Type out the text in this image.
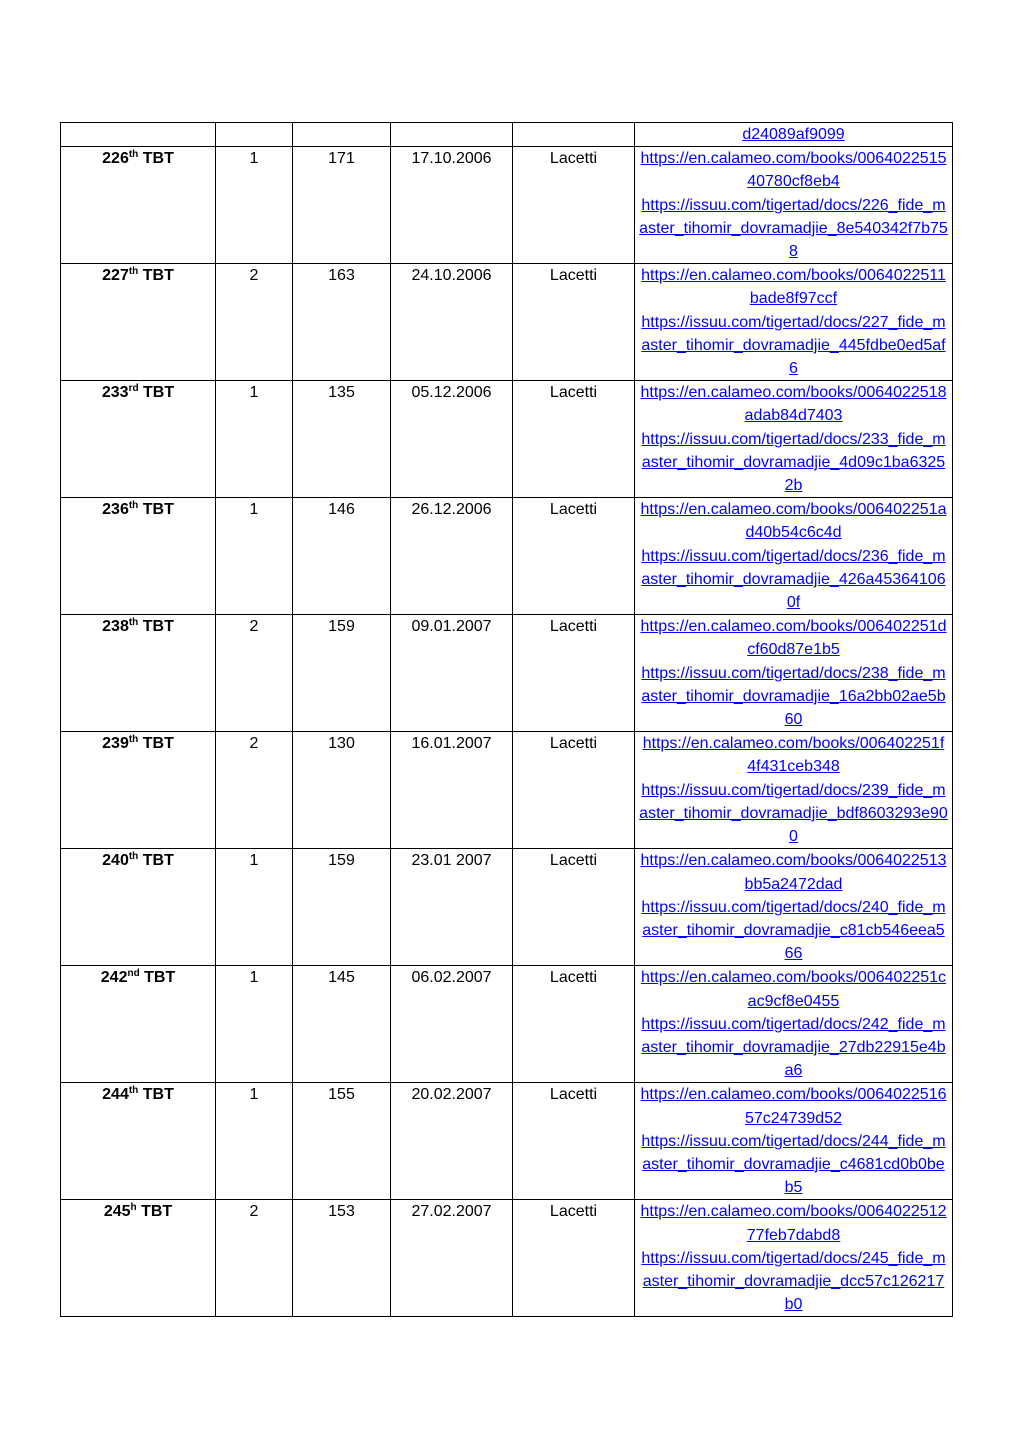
					d24089af9099

226th TBT	1	171	17.10.2006	Lacetti	https://en.calameo.com/books/006402251540780cf8eb4
https://issuu.com/tigertad/docs/226_fide_master_tihomir_dovramadjie_8e540342f7b758

227th TBT	2	163	24.10.2006	Lacetti	https://en.calameo.com/books/0064022511bade8f97ccf
https://issuu.com/tigertad/docs/227_fide_master_tihomir_dovramadjie_445fdbe0ed5af6

233rd TBT	1	135	05.12.2006	Lacetti	https://en.calameo.com/books/0064022518adab84d7403
https://issuu.com/tigertad/docs/233_fide_master_tihomir_dovramadjie_4d09c1ba63252b

236th TBT	1	146	26.12.2006	Lacetti	https://en.calameo.com/books/006402251ad40b54c6c4d
https://issuu.com/tigertad/docs/236_fide_master_tihomir_dovramadjie_426a453641060f

238th TBT	2	159	09.01.2007	Lacetti	https://en.calameo.com/books/006402251dcf60d87e1b5
https://issuu.com/tigertad/docs/238_fide_master_tihomir_dovramadjie_16a2bb02ae5b60

239th TBT	2	130	16.01.2007	Lacetti	https://en.calameo.com/books/006402251f4f431ceb348
https://issuu.com/tigertad/docs/239_fide_master_tihomir_dovramadjie_bdf8603293e900

240th TBT	1	159	23.01 2007	Lacetti	https://en.calameo.com/books/0064022513bb5a2472dad
https://issuu.com/tigertad/docs/240_fide_master_tihomir_dovramadjie_c81cb546eea566

242nd TBT	1	145	06.02.2007	Lacetti	https://en.calameo.com/books/006402251cac9cf8e0455
https://issuu.com/tigertad/docs/242_fide_master_tihomir_dovramadjie_27db22915e4ba6

244th TBT	1	155	20.02.2007	Lacetti	https://en.calameo.com/books/006402251657c24739d52
https://issuu.com/tigertad/docs/244_fide_master_tihomir_dovramadjie_c4681cd0b0beb5

245$^h$ TBT	2	153	27.02.2007	Lacetti	https://en.calameo.com/books/006402251277feb7dabd8
https://issuu.com/tigertad/docs/245_fide_master_tihomir_dovramadjie_dcc57c126217b0
